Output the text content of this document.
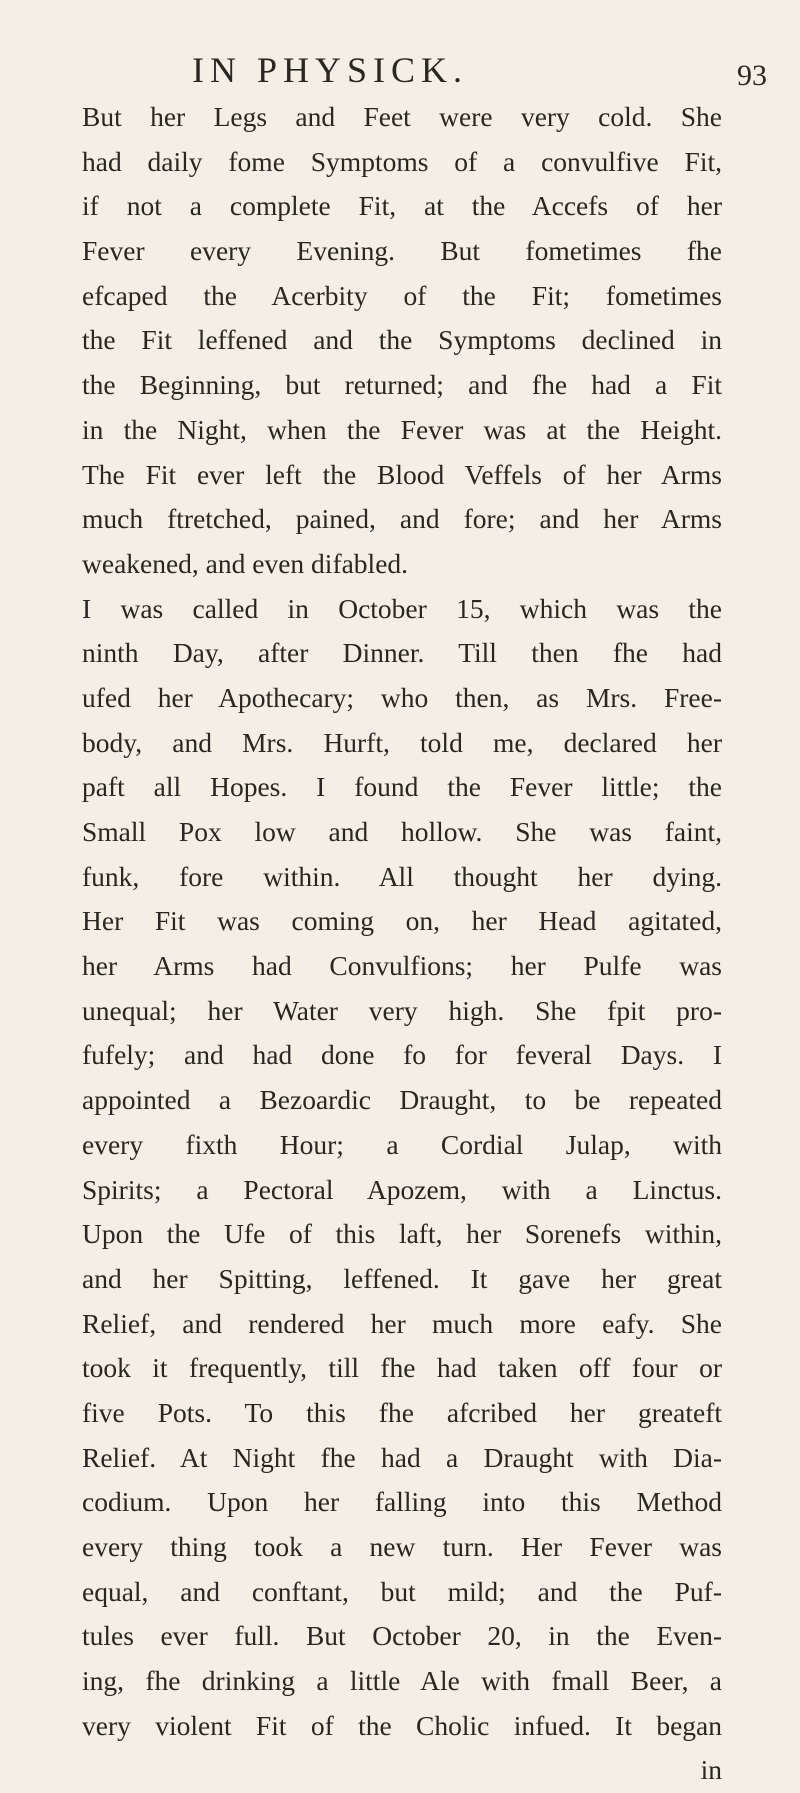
IN PHYSICK.	93
But her Legs and Feet were very cold. She
had daily fome Symptoms of a convulfive Fit,
if not a complete Fit, at the Accefs of her
Fever every Evening. But fometimes fhe
efcaped the Acerbity of the Fit; fometimes
the Fit leffened and the Symptoms declined in
the Beginning, but returned; and fhe had a Fit
in the Night, when the Fever was at the Height.
The Fit ever left the Blood Veffels of her Arms
much ftretched, pained, and fore; and her Arms
weakened, and even difabled.
I was called in October 15, which was the
ninth Day, after Dinner. Till then fhe had
ufed her Apothecary; who then, as Mrs. Free-
body, and Mrs. Hurft, told me, declared her
paft all Hopes. I found the Fever little; the
Small Pox low and hollow. She was faint,
funk, fore within. All thought her dying.
Her Fit was coming on, her Head agitated,
her Arms had Convulfions; her Pulfe was
unequal; her Water very high. She fpit pro-
fufely; and had done fo for feveral Days. I
appointed a Bezoardic Draught, to be repeated
every fixth Hour; a Cordial Julap, with
Spirits; a Pectoral Apozem, with a Linctus.
Upon the Ufe of this laft, her Sorenefs within,
and her Spitting, leffened. It gave her great
Relief, and rendered her much more eafy. She
took it frequently, till fhe had taken off four or
five Pots. To this fhe afcribed her greateft
Relief. At Night fhe had a Draught with Dia-
codium. Upon her falling into this Method
every thing took a new turn. Her Fever was
equal, and conftant, but mild; and the Puf-
tules ever full. But October 20, in the Even-
ing, fhe drinking a little Ale with fmall Beer, a
very violent Fit of the Cholic infued. It began
in
